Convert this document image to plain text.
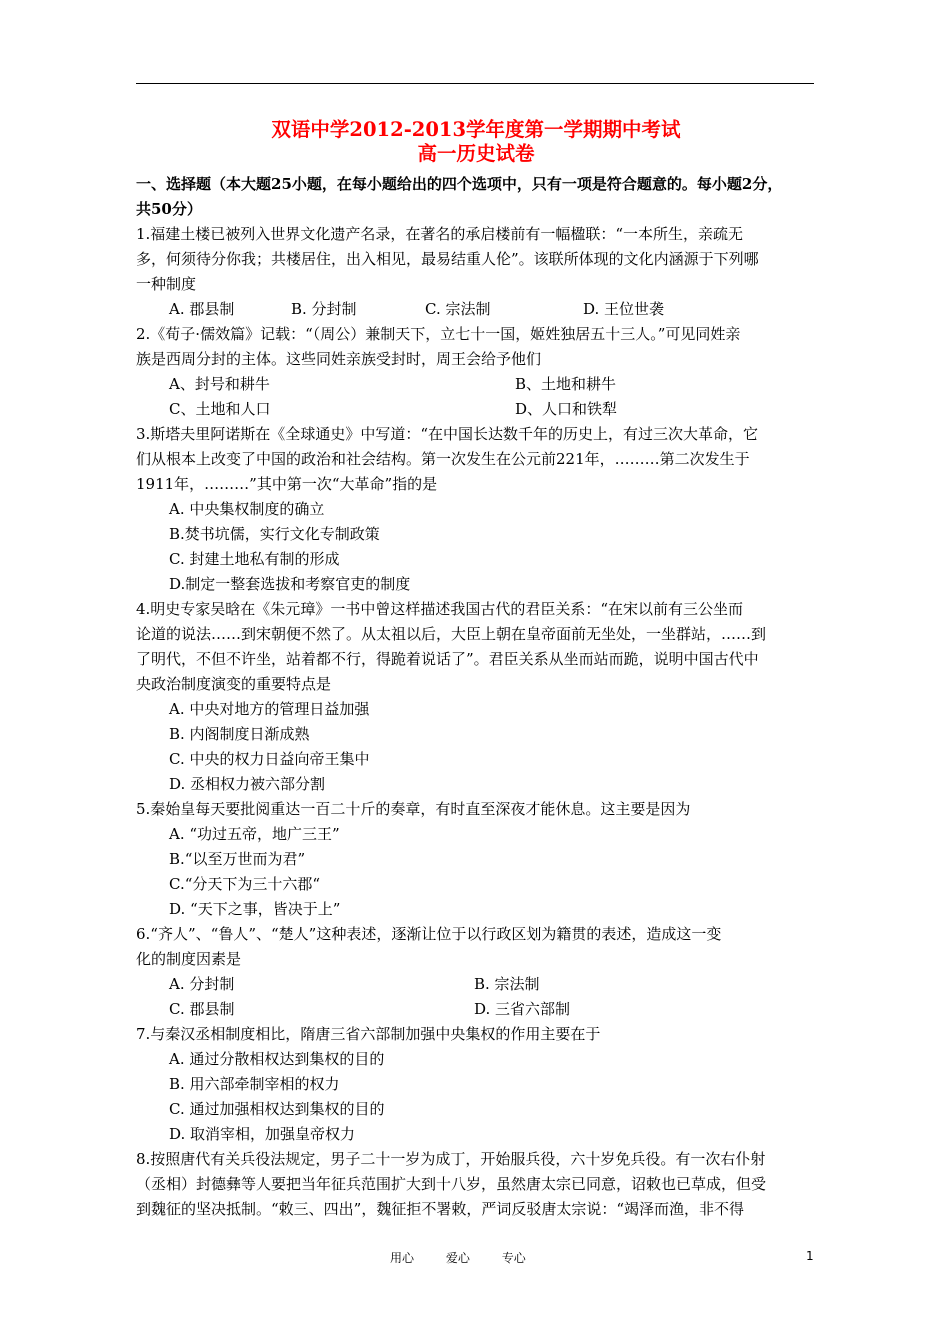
双语中学2012-2013学年度第一学期期中考试
高一历史试卷
一、选择题（本大题25小题，在每小题给出的四个选项中，只有一项是符合题意的。每小题2分，
共50分）
1.福建土楼已被列入世界文化遗产名录，在著名的承启楼前有一幅楹联：“一本所生，亲疏无
多，何须待分你我；共楼居住，出入相见，最易结重人伦”。该联所体现的文化内涵源于下列哪
一种制度
A. 郡县制	B. 分封制	C. 宗法制	D. 王位世袭
2.《荀子·儒效篇》记载：“（周公）兼制天下，立七十一国，姬姓独居五十三人。”可见同姓亲
族是西周分封的主体。这些同姓亲族受封时，周王会给予他们
A、封号和耕牛	B、土地和耕牛
C、土地和人口	D、人口和铁犁
3.斯塔夫里阿诺斯在《全球通史》中写道：“在中国长达数千年的历史上，有过三次大革命，它
们从根本上改变了中国的政治和社会结构。第一次发生在公元前221年，………第二次发生于
1911年，………”其中第一次“大革命”指的是
A. 中央集权制度的确立
B.焚书坑儒，实行文化专制政策
C. 封建土地私有制的形成
D.制定一整套选拔和考察官吏的制度
4.明史专家吴晗在《朱元璋》一书中曾这样描述我国古代的君臣关系：“在宋以前有三公坐而
论道的说法……到宋朝便不然了。从太祖以后，大臣上朝在皇帝面前无坐处，一坐群站，……到
了明代，不但不许坐，站着都不行，得跪着说话了”。君臣关系从坐而站而跪，说明中国古代中
央政治制度演变的重要特点是
A. 中央对地方的管理日益加强
B. 内阁制度日渐成熟
C. 中央的权力日益向帝王集中
D. 丞相权力被六部分割
5.秦始皇每天要批阅重达一百二十斤的奏章，有时直至深夜才能休息。这主要是因为
A. “功过五帝，地广三王”
B.“以至万世而为君”
C.“分天下为三十六郡“
D. “天下之事，皆决于上”
6.“齐人”、“鲁人”、“楚人”这种表述，逐渐让位于以行政区划为籍贯的表述，造成这一变
化的制度因素是
A. 分封制	B. 宗法制
C. 郡县制	D. 三省六部制
7.与秦汉丞相制度相比，隋唐三省六部制加强中央集权的作用主要在于
A. 通过分散相权达到集权的目的
B. 用六部牵制宰相的权力
C. 通过加强相权达到集权的目的
D. 取消宰相，加强皇帝权力
8.按照唐代有关兵役法规定，男子二十一岁为成丁，开始服兵役，六十岁免兵役。有一次右仆射
（丞相）封德彝等人要把当年征兵范围扩大到十八岁，虽然唐太宗已同意，诏敕也已草成，但受
到魏征的坚决抵制。“敕三、四出”，魏征拒不署敕，严词反驳唐太宗说：“竭泽而渔，非不得
用心	爱心	专心	1
